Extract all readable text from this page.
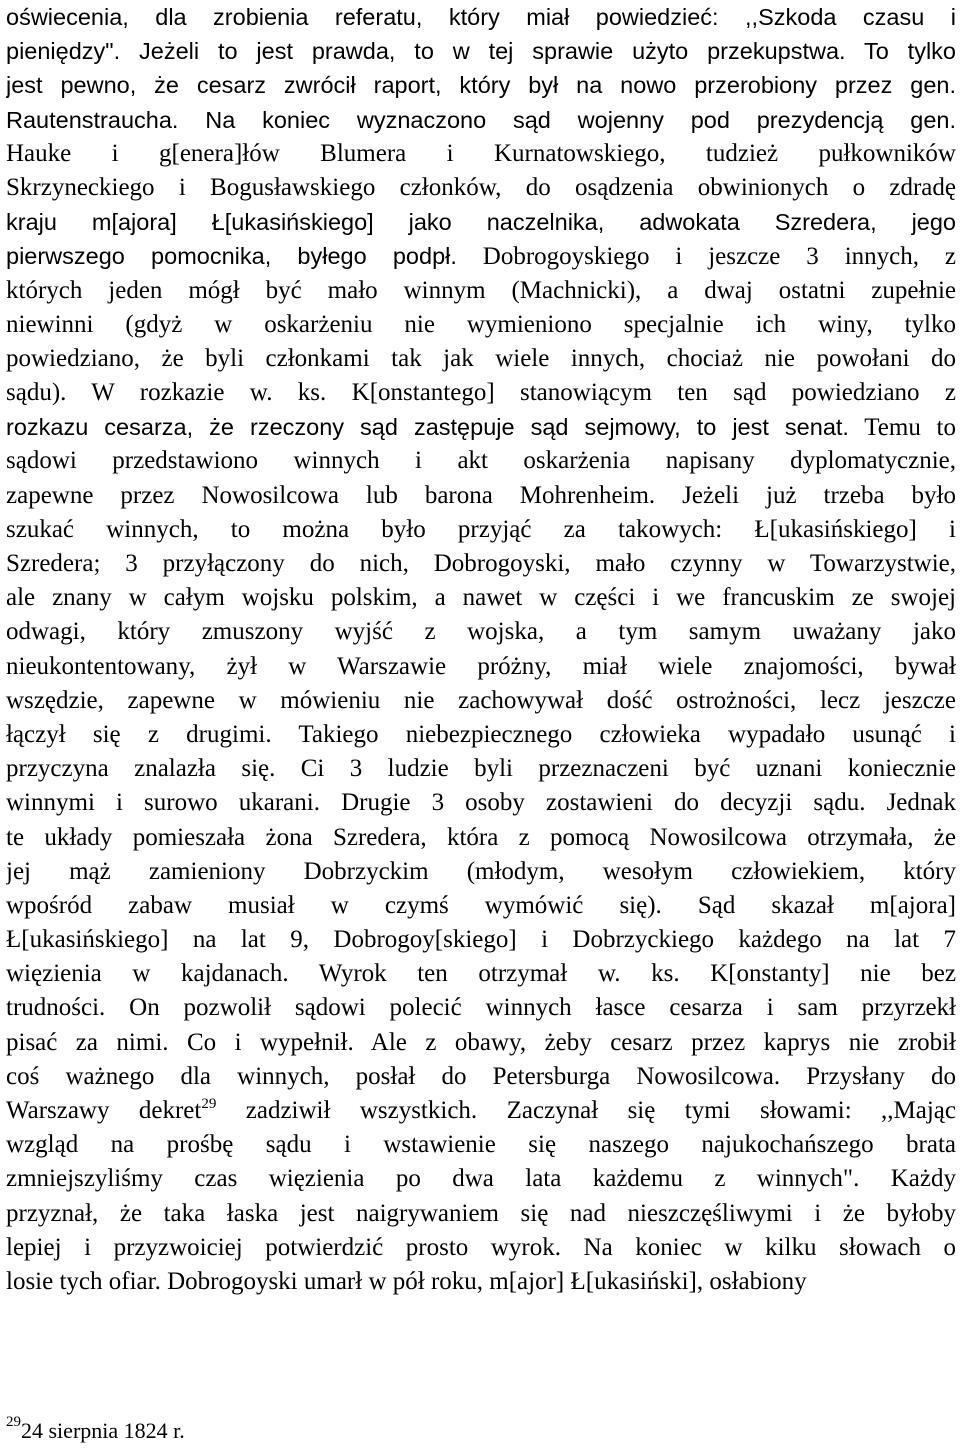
oświecenia, dla zrobienia referatu, który miał powiedzieć: ,,Szkoda czasu i
pieniędzy". Jeżeli to jest prawda, to w tej sprawie użyto przekupstwa. To tylko
jest pewno, że cesarz zwrócił raport, który był na nowo przerobiony przez gen.
Rautenstraucha. Na koniec wyznaczono sąd wojenny pod prezydencją gen.
Hauke i g[enera]łów Blumera i Kurnatowskiego, tudzież pułkowników
Skrzyneckiego i Bogusławskiego członków, do osądzenia obwinionych o zdradę
kraju m[ajora] Ł[ukasińskiego] jako naczelnika, adwokata Szredera, jego
pierwszego pomocnika, byłego podpł. Dobrogoyskiego i jeszcze 3 innych, z
których jeden mógł być mało winnym (Machnicki), a dwaj ostatni zupełnie
niewinni (gdyż w oskarżeniu nie wymieniono specjalnie ich winy, tylko
powiedziano, że byli członkami tak jak wiele innych, chociaż nie powołani do
sądu). W rozkazie w. ks. K[onstantego] stanowiącym ten sąd powiedziano z
rozkazu cesarza, że rzeczony sąd zastępuje sąd sejmowy, to jest senat. Temu to
sądowi przedstawiono winnych i akt oskarżenia napisany dyplomatycznie,
zapewne przez Nowosilcowa lub barona Mohrenheim. Jeżeli już trzeba było
szukać winnych, to można było przyjąć za takowych: Ł[ukasińskiego] i
Szredera; 3 przyłączony do nich, Dobrogoyski, mało czynny w Towarzystwie,
ale znany w całym wojsku polskim, a nawet w części i we francuskim ze swojej
odwagi, który zmuszony wyjść z wojska, a tym samym uważany jako
nieukontentowany, żył w Warszawie próżny, miał wiele znajomości, bywał
wszędzie, zapewne w mówieniu nie zachowywał dość ostrożności, lecz jeszcze
łączył się z drugimi. Takiego niebezpiecznego człowieka wypadało usunąć i
przyczyna znalazła się. Ci 3 ludzie byli przeznaczeni być uznani koniecznie
winnymi i surowo ukarani. Drugie 3 osoby zostawieni do decyzji sądu. Jednak
te układy pomieszała żona Szredera, która z pomocą Nowosilcowa otrzymała, że
jej mąż zamieniony Dobrzyckim (młodym, wesołym człowiekiem, który
wpośród zabaw musiał w czymś wymówić się). Sąd skazał m[ajora]
Ł[ukasińskiego] na lat 9, Dobrogoy[skiego] i Dobrzyckiego każdego na lat 7
więzienia w kajdanach. Wyrok ten otrzymał w. ks. K[onstanty] nie bez
trudności. On pozwolił sądowi polecić winnych łasce cesarza i sam przyrzekł
pisać za nimi. Co i wypełnił. Ale z obawy, żeby cesarz przez kaprys nie zrobił
coś ważnego dla winnych, posłał do Petersburga Nowosilcowa. Przysłany do
Warszawy dekret$^{29}$ zadziwił wszystkich. Zaczynał się tymi słowami: ,,Mając
wzgląd na prośbę sądu i wstawienie się naszego najukochańszego brata
zmniejszyliśmy czas więzienia po dwa lata każdemu z winnych". Każdy
przyznał, że taka łaska jest naigrywaniem się nad nieszczęśliwymi i że byłoby
lepiej i przyzwoiciej potwierdzić prosto wyrok. Na koniec w kilku słowach o
losie tych ofiar. Dobrogoyski umarł w pół roku, m[ajor] Ł[ukasiński], osłabiony
$^{29}$24 sierpnia 1824 r.
